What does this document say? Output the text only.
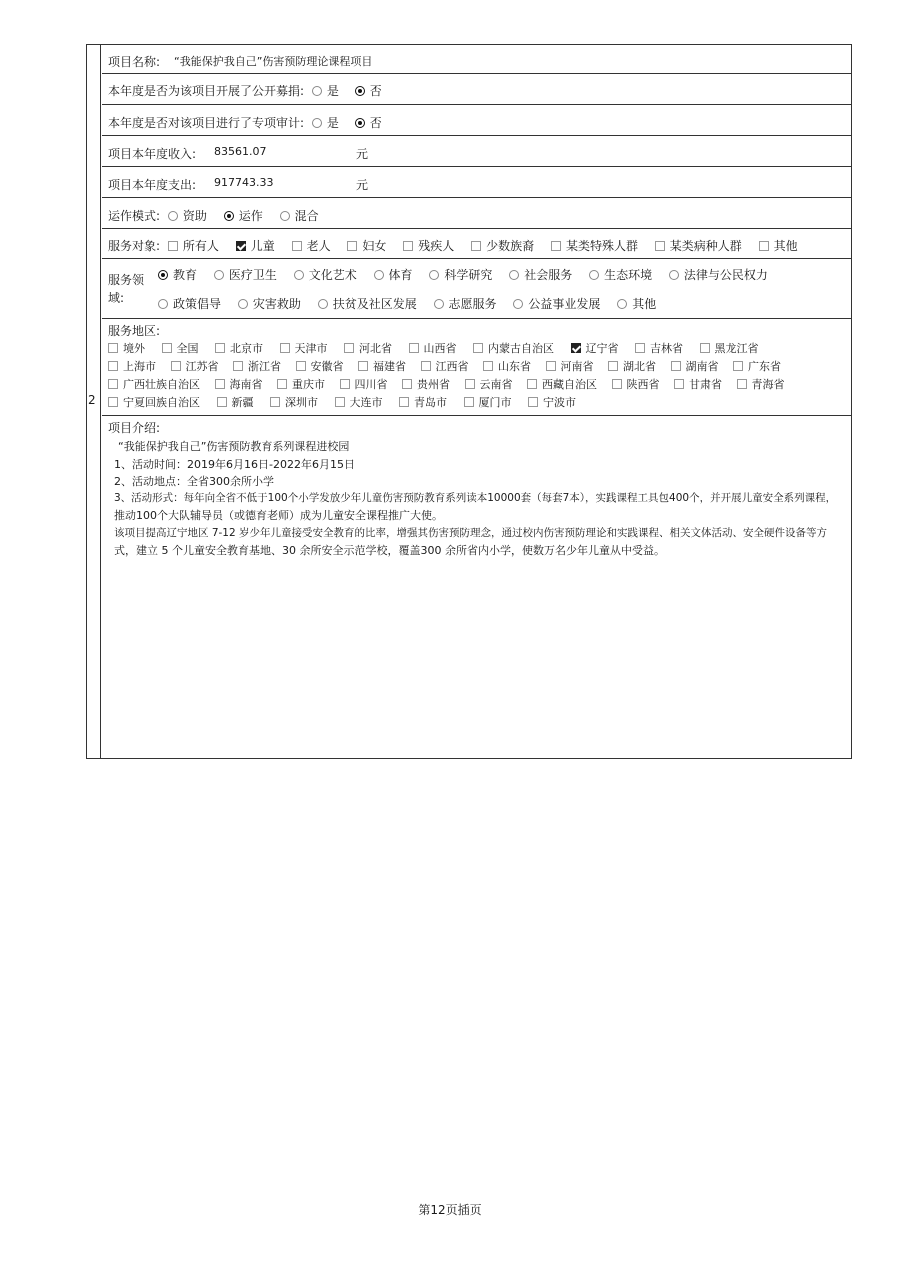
2
项目名称: “我能保护我自己”伤害预防理论课程项目
本年度是否为该项目开展了公开募捐: 是	否
本年度是否对该项目进行了专项审计: 是	否
项目本年度收入: 83561.07	元
项目本年度支出: 917743.33	元
运作模式: 资助	运作	混合
服务对象: 所有人	儿童	老人	妇女	残疾人	少数族裔	某类特殊人群	某类病种人群	其他
服务领
域:
教育	医疗卫生	文化艺术	体育	科学研究	社会服务	生态环境	法律与公民权力
政策倡导	灾害救助	扶贫及社区发展	志愿服务	公益事业发展	其他
服务地区:
境外	全国	北京市	天津市	河北省	山西省	内蒙古自治区	辽宁省	吉林省	黑龙江省
上海市	江苏省	浙江省	安徽省	福建省	江西省	山东省	河南省	湖北省	湖南省	广东省
广西壮族自治区	海南省	重庆市	四川省	贵州省	云南省	西藏自治区	陕西省	甘肃省	青海省
宁夏回族自治区	新疆	深圳市	大连市	青岛市	厦门市	宁波市
项目介绍:
“我能保护我自己”伤害预防教育系列课程进校园
1、活动时间：2019年6月16日-2022年6月15日
2、活动地点：全省300余所小学
3、活动形式：每年向全省不低于100个小学发放少年儿童伤害预防教育系列读本10000套（每套7本），实践课程工具包400个，并开展儿童安全系列课程，
推动100个大队辅导员（或德育老师）成为儿童安全课程推广大使。
该项目提高辽宁地区 7-12 岁少年儿童接受安全教育的比率，增强其伤害预防理念，通过校内伤害预防理论和实践课程、相关文体活动、安全硬件设备等方
式，建立 5 个儿童安全教育基地、30 余所安全示范学校，覆盖300 余所省内小学，使数万名少年儿童从中受益。
第12页插页
